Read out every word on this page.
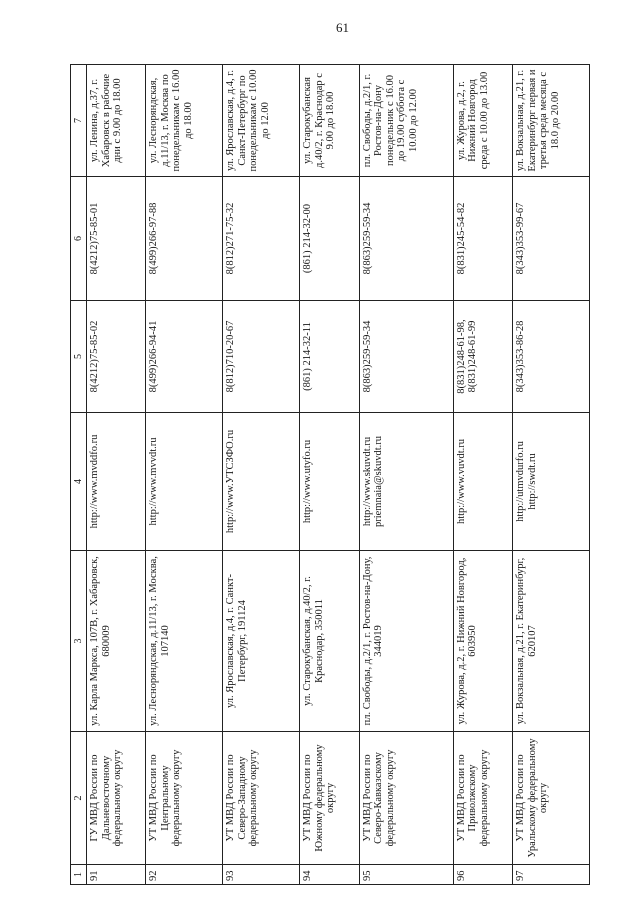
61
1	2	3	4	5	6	7
91	ГУ МВД России по Дальневосточному федеральному округу	ул. Карла Маркса, 107В, г. Хабаровск, 680009	http://www.mvddfo.ru	8(4212)75-85-02	8(4212)75-85-01	ул. Ленина, д.37, г. Хабаровск в рабочие дни с 9.00 до 18.00
92	УТ МВД России по Центральному федеральному округу	ул. Лесноряндская, д.11/13, г. Москва, 107140	http://www.mvvdt.ru	8(499)266-94-41	8(499)266-97-88	ул. Лесноряндская, д.11/13, г. Москва по понедельникам с 16.00 до 18.00
93	УТ МВД России по Северо-Западному федеральному округу	ул. Ярославская, д.4, г. Санкт-Петербург, 191124	http://www.УТСЗФО.ru	8(812)710-20-67	8(812)271-75-32	ул. Ярославская, д.4, г. Санкт-Петербург по понедельникам с 10.00 до 12.00
94	УТ МВД России по Южному федеральному округу	ул. Старокубанская, д.40/2, г. Краснодар, 350011	http://www.utyfo.ru	(861) 214-32-11	(861) 214-32-00	ул. Старокубанская д.40/2, г. Краснодар с 9.00 до 18.00
95	УТ МВД России по Северо-Кавказскому федеральному округу	пл. Свободы, д.2/1, г. Ростов-на-Дону, 344019	http://www.skuvdt.ru priemnaia@skuvdt.ru	8(863)259-59-34	8(863)259-59-34	пл. Свободы, д.2/1, г. Ростов-на-Дону понедельник с 16.00 до 19.00 суббота с 10.00 до 12.00
96	УТ МВД России по Приволжскому федеральному округу	ул. Журова, д.2, г. Нижний Новгород, 603950	http://www.vuvdt.ru	8(831)248-61-98, 8(831)248-61-99	8(831)245-54-82	ул. Журова, д.2, г. Нижний Новгород среда с 10.00 до 13.00
97	УТ МВД России по Уральскому федеральному округу	ул. Вокзальная, д.21, г. Екатеринбург, 620107	http://utmvdurfo.ru http://swdt.ru	8(343)353-86-28	8(343)353-99-67	ул. Вокзальная, д.21, г. Екатеринбург первая и третья среда месяца с 18.0 до 20.00
